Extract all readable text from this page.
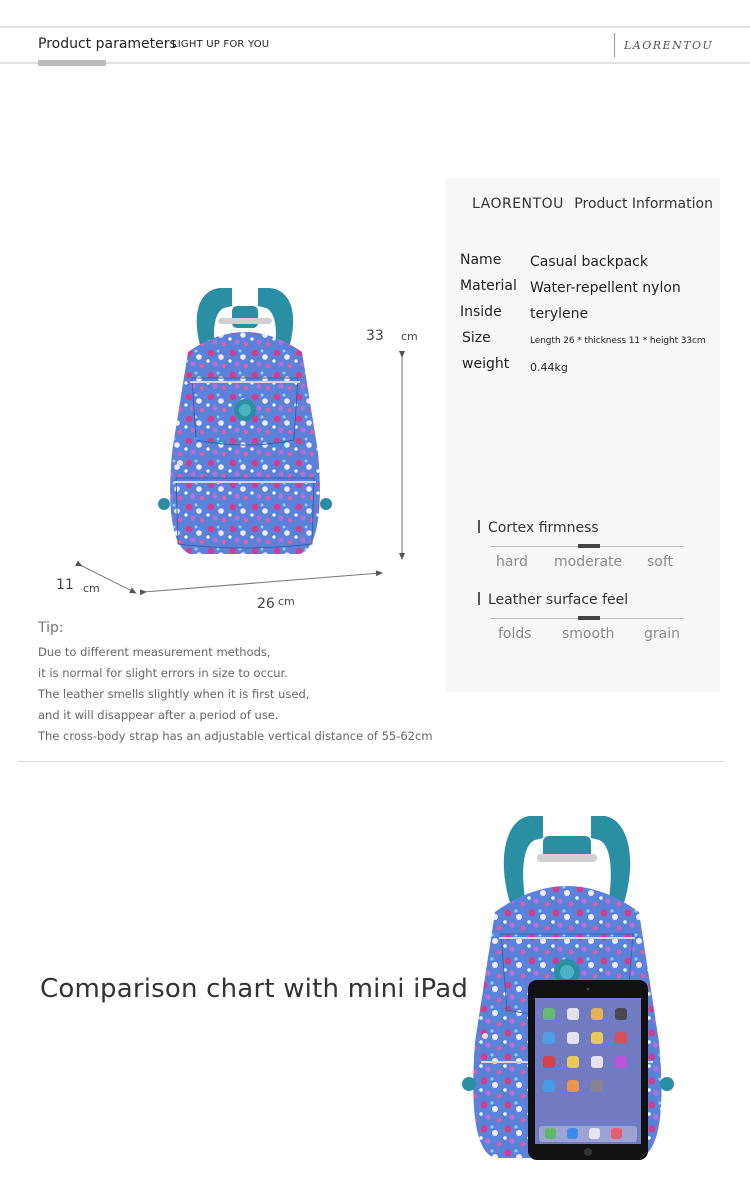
Product parameters
LIGHT UP FOR YOU	LAORENTOU
33 cm
11 cm
26 cm
Tip:
Due to different measurement methods,
it is normal for slight errors in size to occur.
The leather smells slightly when it is first used,
and it will disappear after a period of use.
The cross-body strap has an adjustable vertical distance of 55-62cm
LAORENTOU Product Information
Name Casual backpack
Material Water-repellent nylon
Inside terylene
Size	Length 26 * thickness 11 * height 33cm
weight 0.44kg
Cortex firmness
hard moderate soft
Leather surface feel
folds smooth grain
Comparison chart with mini iPad
